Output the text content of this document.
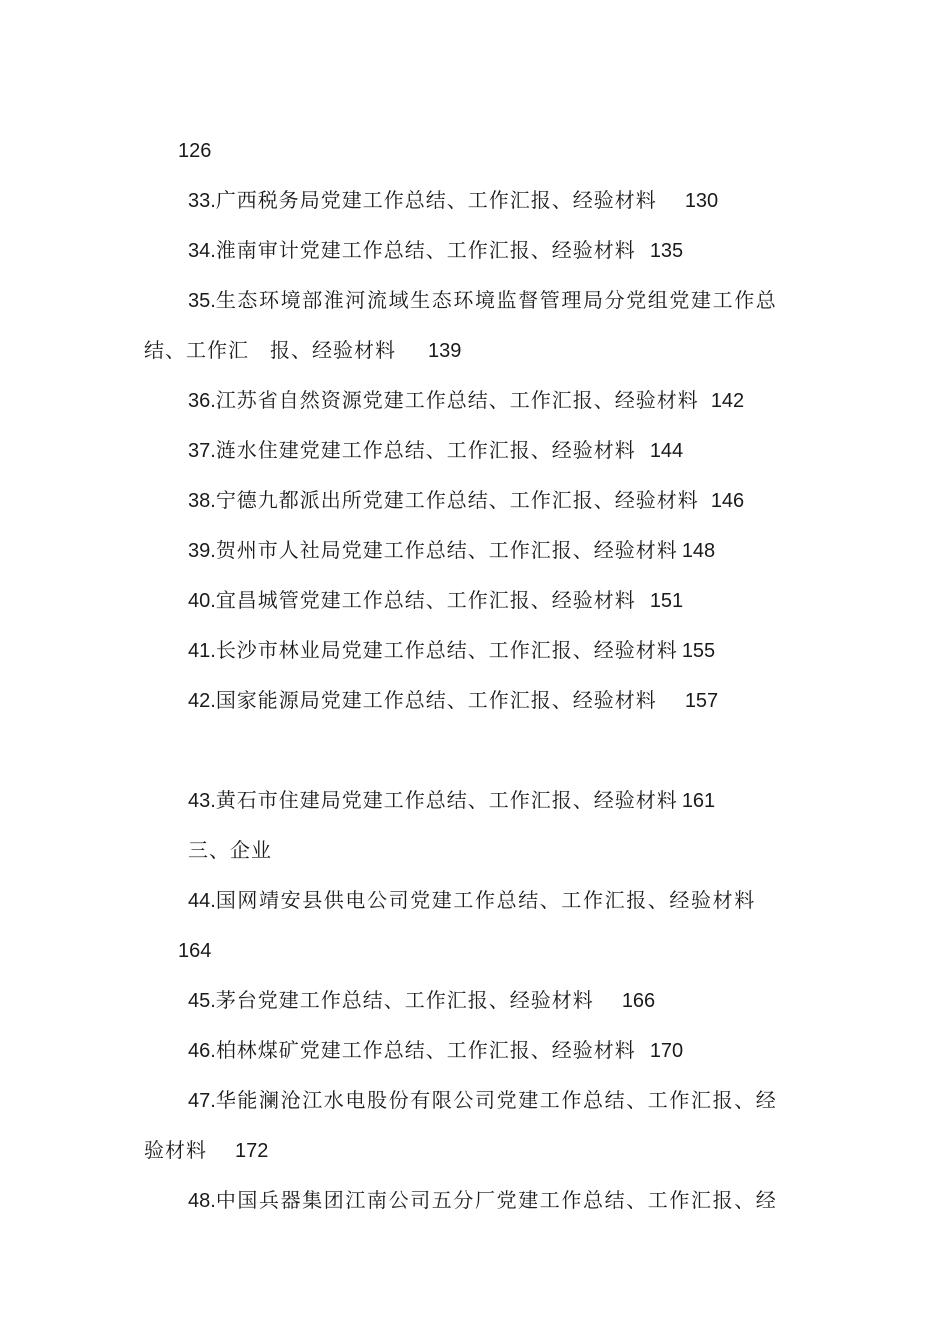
126
33.广西税务局党建工作总结、工作汇报、经验材料 130
34.淮南审计党建工作总结、工作汇报、经验材料 135
35.生态环境部淮河流域生态环境监督管理局分党组党建工作总
结、工作汇　报、经验材料 139
36.江苏省自然资源党建工作总结、工作汇报、经验材料 142
37.涟水住建党建工作总结、工作汇报、经验材料 144
38.宁德九都派出所党建工作总结、工作汇报、经验材料 146
39.贺州市人社局党建工作总结、工作汇报、经验材料 148
40.宜昌城管党建工作总结、工作汇报、经验材料 151
41.长沙市林业局党建工作总结、工作汇报、经验材料 155
42.国家能源局党建工作总结、工作汇报、经验材料 157
43.黄石市住建局党建工作总结、工作汇报、经验材料 161
三、企业
44.国网靖安县供电公司党建工作总结、工作汇报、经验材料
164
45.茅台党建工作总结、工作汇报、经验材料 166
46.柏林煤矿党建工作总结、工作汇报、经验材料 170
47.华能澜沧江水电股份有限公司党建工作总结、工作汇报、经
验材料 172
48.中国兵器集团江南公司五分厂党建工作总结、工作汇报、经
